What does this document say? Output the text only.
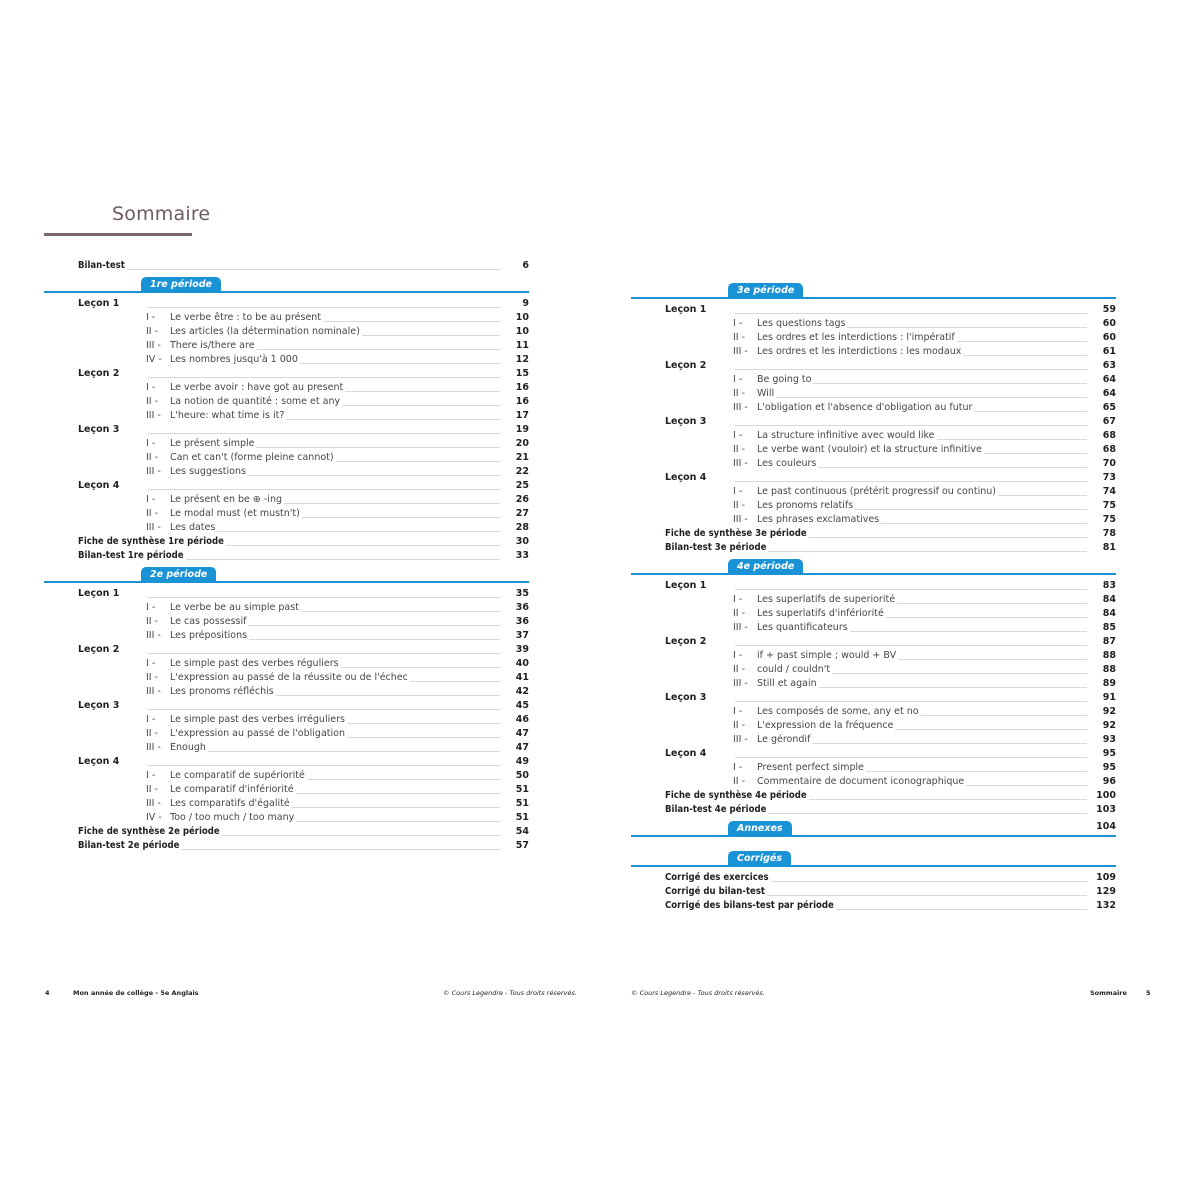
Sommaire
Bilan-test	6
1re période
Leçon 1	9
I - Le verbe être : to be au présent	10
II - Les articles (la détermination nominale)	10
III - There is/there are	11
IV - Les nombres jusqu'à 1 000	12
Leçon 2	15
I - Le verbe avoir : have got au present	16
II - La notion de quantité : some et any	16
III - L'heure: what time is it?	17
Leçon 3	19
I - Le présent simple	20
II - Can et can't (forme pleine cannot)	21
III - Les suggestions	22
Leçon 4	25
I - Le présent en be ⊕ -ing	26
II - Le modal must (et mustn't)	27
III - Les dates	28
Fiche de synthèse 1re période	30
Bilan-test 1re période	33
2e période
Leçon 1	35
I - Le verbe be au simple past	36
II - Le cas possessif	36
III - Les prépositions	37
Leçon 2	39
I - Le simple past des verbes réguliers	40
II - L'expression au passé de la réussite ou de l'échec	41
III - Les pronoms réfléchis	42
Leçon 3	45
I - Le simple past des verbes irréguliers	46
II - L'expression au passé de l'obligation	47
III - Enough	47
Leçon 4	49
I - Le comparatif de supériorité	50
II - Le comparatif d'infériorité	51
III - Les comparatifs d'égalité	51
IV - Too / too much / too many	51
Fiche de synthèse 2e période	54
Bilan-test 2e période	57
4	Mon année de collège - 5e Anglais	© Cours Legendre - Tous droits réservés.
3e période
Leçon 1	59
I - Les questions tags	60
II - Les ordres et les interdictions : l'impératif	60
III - Les ordres et les interdictions : les modaux	61
Leçon 2	63
I - Be going to	64
II - Will	64
III - L'obligation et l'absence d'obligation au futur	65
Leçon 3	67
I - La structure infinitive avec would like	68
II - Le verbe want (vouloir) et la structure infinitive	68
III - Les couleurs	70
Leçon 4	73
I - Le past continuous (prétérit progressif ou continu)	74
II - Les pronoms relatifs	75
III - Les phrases exclamatives	75
Fiche de synthèse 3e période	78
Bilan-test 3e période	81
4e période
Leçon 1	83
I - Les superlatifs de superiorité	84
II - Les superlatifs d'infériorité	84
III - Les quantificateurs	85
Leçon 2	87
I - if + past simple ; would + BV	88
II - could / couldn't	88
III - Still et again	89
Leçon 3	91
I - Les composés de some, any et no	92
II - L'expression de la fréquence	92
III - Le gérondif	93
Leçon 4	95
I - Present perfect simple	95
II - Commentaire de document iconographique	96
Fiche de synthèse 4e période	100
Bilan-test 4e période	103
Annexes	104
Corrigés
Corrigé des exercices	109
Corrigé du bilan-test	129
Corrigé des bilans-test par période	132
© Cours Legendre - Tous droits réservés.	Sommaire	5
